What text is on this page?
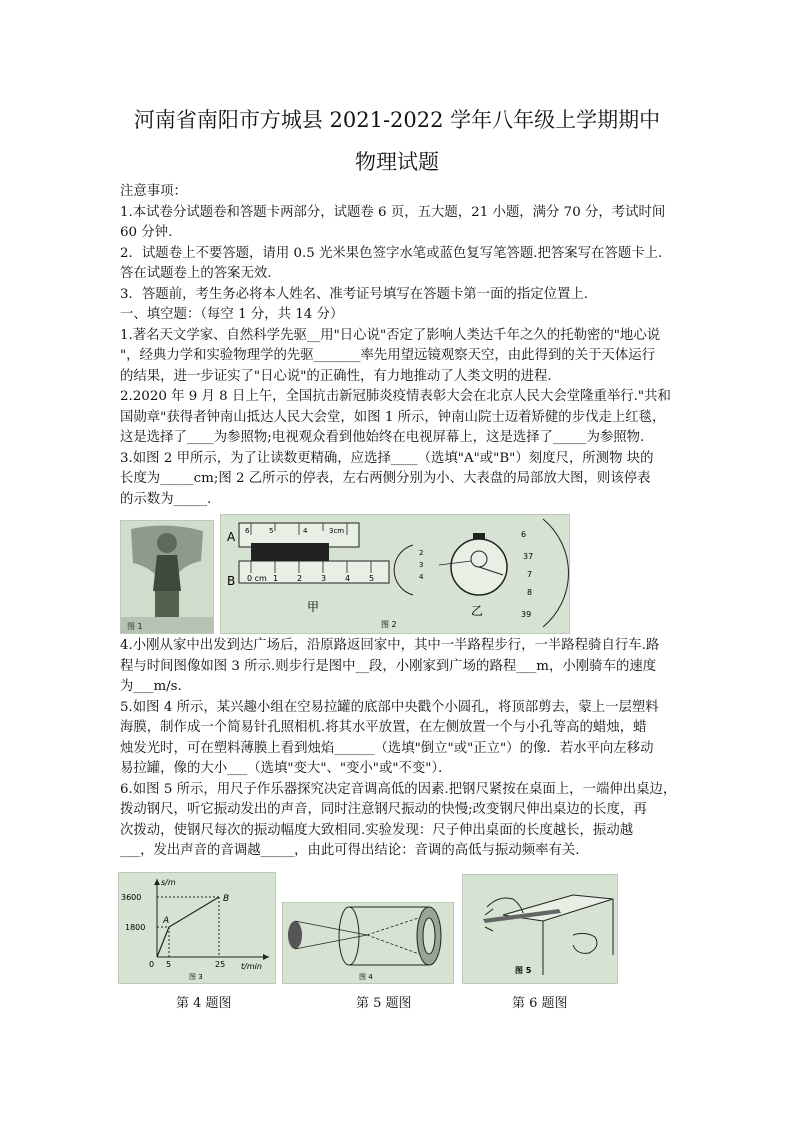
河南省南阳市方城县 2021-2022 学年八年级上学期期中
物理试题

注意事项：

1.本试卷分试题卷和答题卡两部分，试题卷 6 页，五大题，21 小题，满分 70 分，考试时间

60 分钟.

2．试题卷上不要答题，请用 0.5 光米果色签字水笔或蓝色复写笔答题.把答案写在答题卡上.

答在试题卷上的答案无效.

3．答题前，考生务必将本人姓名、准考证号填写在答题卡第一面的指定位置上.

一、填空题：（每空 1 分，共 14 分）

1.著名天文学家、自然科学先驱__用"日心说"否定了影响人类达千年之久的托勒密的"地心说

"，经典力学和实验物理学的先驱_______率先用望远镜观察天空，由此得到的关于天体运行

的结果，进一步证实了"日心说"的正确性，有力地推动了人类文明的进程.

2.2020 年 9 月 8 日上午，全国抗击新冠肺炎疫情表彰大会在北京人民大会堂隆重举行."共和

国勋章"获得者钟南山抵达人民大会堂，如图 1 所示，钟南山院士迈着矫健的步伐走上红毯，

这是选择了____为参照物;电视观众看到他始终在电视屏幕上，这是选择了_____为参照物.

3.如图 2 甲所示，为了让读数更精确，应选择____（选填"A"或"B"）刻度尺，所测物 块的

长度为_____cm;图 2 乙所示的停表，左右两侧分别为小、大表盘的局部放大图，则该停表

的示数为_____.

图 1
A
B
6	5	4	3cm
0 cm 1 2 3 4 5
甲
图 2
2
3
4
乙
6
37
7
8
39

4.小刚从家中出发到达广场后，沿原路返回家中，其中一半路程步行，一半路程骑自行车.路

程与时间图像如图 3 所示.则步行是图中__段，小刚家到广场的路程___m，小刚骑车的速度

为___m/s.

5.如图 4 所示，某兴趣小组在空易拉罐的底部中央戳个小圆孔，将顶部剪去，蒙上一层塑料

海膜，制作成一个简易针孔照相机.将其水平放置，在左侧放置一个与小孔等高的蜡烛，蜡

烛发光时，可在塑料薄膜上看到烛焰______（选填"倒立"或"正立"）的像．若水平向左移动

易拉罐，像的大小___（选填"变大"、"变小"或"不变"）．

6.如图 5 所示，用尺子作乐器探究决定音调高低的因素.把钢尺紧按在桌面上，一端伸出桌边，

拨动钢尺，听它振动发出的声音，同时注意钢尺振动的快慢;改变钢尺伸出桌边的长度，再

次拨动，使钢尺每次的振动幅度大致相同.实验发现：尺子伸出桌面的长度越长，振动越

___，发出声音的音调越_____，由此可得出结论：音调的高低与振动频率有关.

s/m
t/min
3600
1800
0 5	25
A
B
图 3	图 4
图 5
第 4 题图	第 5 题图	第 6 题图
